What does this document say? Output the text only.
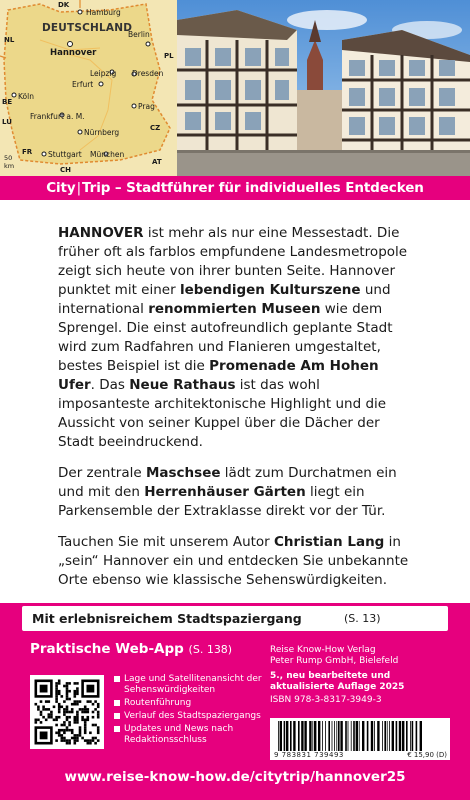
DEUTSCHLAND
Hannover
Hamburg
Berlin
Leipzig Dresden
Erfurt
Köln
Frankfurt a. M.
Prag
Nürnberg
Stuttgart München
DK
NL
PL
BE
CZ
FR
CH
AT
LU
50
km
City|Trip – Stadtführer für individuelles Entdecken

HANNOVER ist mehr als nur eine Messestadt. Die früher oft als farblos empfundene Landesmetropole zeigt sich heute von ihrer bunten Seite. Hannover punktet mit einer lebendigen Kulturszene und international renommierten Museen wie dem Sprengel. Die einst autofreundlich geplante Stadt wird zum Radfahren und Flanieren umgestaltet, bestes Beispiel ist die Promenade Am Hohen Ufer. Das Neue Rathaus ist das wohl imposanteste architektonische Highlight und die Aussicht von seiner Kuppel über die Dächer der Stadt beeindruckend.

Der zentrale Maschsee lädt zum Durchatmen ein und mit den Herrenhäuser Gärten liegt ein Parkensemble der Extraklasse direkt vor der Tür.

Tauchen Sie mit unserem Autor Christian Lang in „sein“ Hannover ein und entdecken Sie unbekannte Orte ebenso wie klassische Sehenswürdigkeiten.

Mit erlebnisreichem Stadtspaziergang	(S. 13)
Praktische Web-App (S. 138)
Lage und Satellitenansicht der Sehenswürdigkeiten
Routenführung
Verlauf des Stadtspaziergangs
Updates und News nach Redaktionsschluss
Reise Know-How Verlag
Peter Rump GmbH, Bielefeld
5., neu bearbeitete und aktualisierte Auflage 2025
ISBN 978-3-8317-3949-3
9 783831 739493	€ 15,90 (D)
www.reise-know-how.de/citytrip/hannover25
